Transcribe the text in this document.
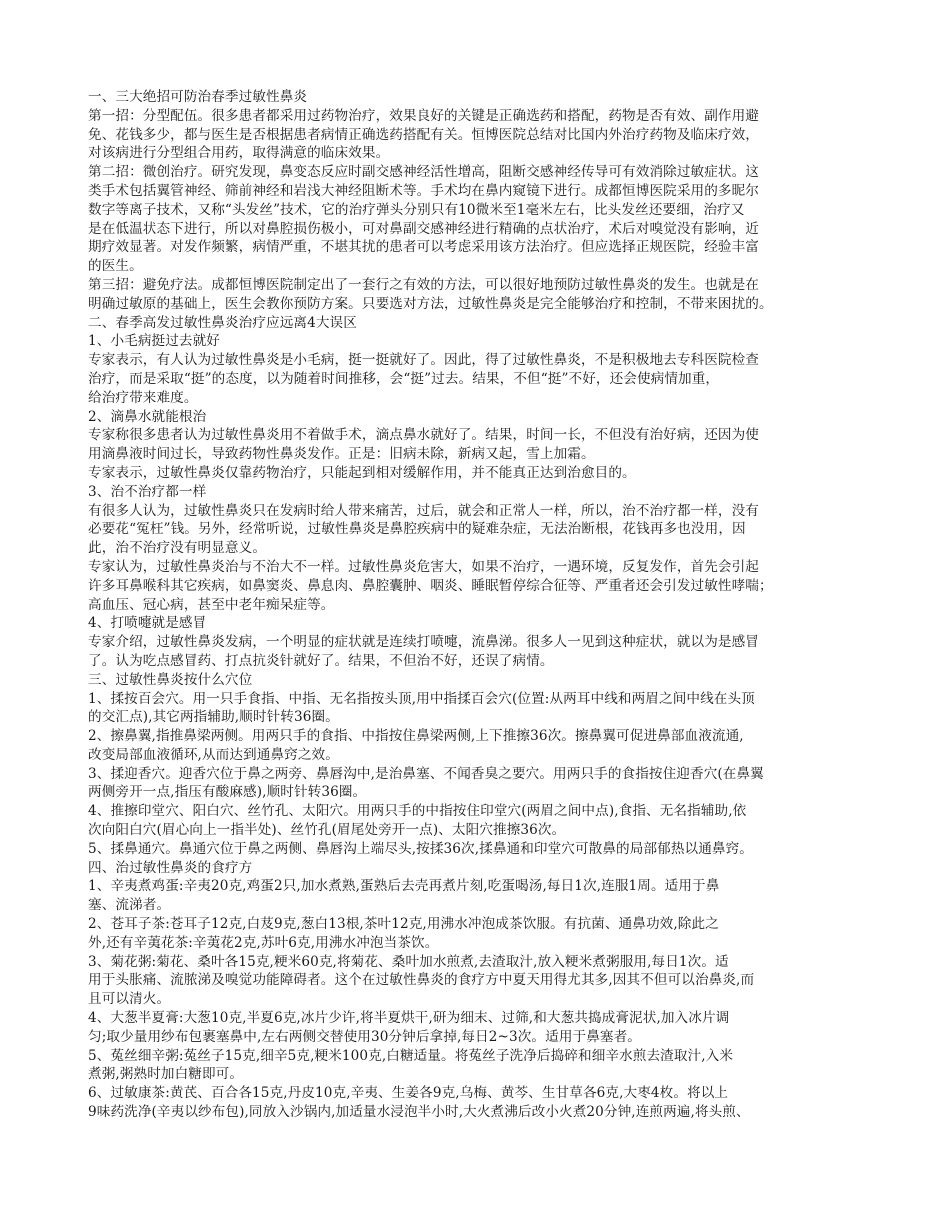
一、三大绝招可防治春季过敏性鼻炎
第一招：分型配伍。很多患者都采用过药物治疗，效果良好的关键是正确选药和搭配，药物是否有效、副作用避
免、花钱多少，都与医生是否根据患者病情正确选药搭配有关。恒博医院总结对比国内外治疗药物及临床疗效，
对该病进行分型组合用药，取得满意的临床效果。
第二招：微创治疗。研究发现，鼻变态反应时副交感神经活性增高，阻断交感神经传导可有效消除过敏症状。这
类手术包括翼管神经、筛前神经和岩浅大神经阻断术等。手术均在鼻内窥镜下进行。成都恒博医院采用的多昵尔
数字等离子技术，又称“头发丝”技术，它的治疗弹头分别只有10微米至1毫米左右，比头发丝还要细，治疗又
是在低温状态下进行，所以对鼻腔损伤极小，可对鼻副交感神经进行精确的点状治疗，术后对嗅觉没有影响，近
期疗效显著。对发作频繁，病情严重，不堪其扰的患者可以考虑采用该方法治疗。但应选择正规医院，经验丰富
的医生。
第三招：避免疗法。成都恒博医院制定出了一套行之有效的方法，可以很好地预防过敏性鼻炎的发生。也就是在
明确过敏原的基础上，医生会教你预防方案。只要选对方法，过敏性鼻炎是完全能够治疗和控制，不带来困扰的。
二、春季高发过敏性鼻炎治疗应远离4大误区
1、小毛病挺过去就好
专家表示，有人认为过敏性鼻炎是小毛病，挺一挺就好了。因此，得了过敏性鼻炎，不是积极地去专科医院检查
治疗，而是采取“挺”的态度，以为随着时间推移，会“挺”过去。结果，不但“挺”不好，还会使病情加重，
给治疗带来难度。
2、滴鼻水就能根治
专家称很多患者认为过敏性鼻炎用不着做手术，滴点鼻水就好了。结果，时间一长，不但没有治好病，还因为使
用滴鼻液时间过长，导致药物性鼻炎发作。正是：旧病未除，新病又起，雪上加霜。
专家表示，过敏性鼻炎仅靠药物治疗，只能起到相对缓解作用，并不能真正达到治愈目的。
3、治不治疗都一样
有很多人认为，过敏性鼻炎只在发病时给人带来痛苦，过后，就会和正常人一样，所以，治不治疗都一样，没有
必要花“冤枉”钱。另外，经常听说，过敏性鼻炎是鼻腔疾病中的疑难杂症，无法治断根，花钱再多也没用，因
此，治不治疗没有明显意义。
专家认为，过敏性鼻炎治与不治大不一样。过敏性鼻炎危害大，如果不治疗，一遇环境，反复发作，首先会引起
许多耳鼻喉科其它疾病，如鼻窦炎、鼻息肉、鼻腔囊肿、咽炎、睡眠暂停综合征等、严重者还会引发过敏性哮喘；
高血压、冠心病，甚至中老年痴呆症等。
4、打喷嚏就是感冒
专家介绍，过敏性鼻炎发病，一个明显的症状就是连续打喷嚏，流鼻涕。很多人一见到这种症状，就以为是感冒
了。认为吃点感冒药、打点抗炎针就好了。结果，不但治不好，还误了病情。
三、过敏性鼻炎按什么穴位
1、揉按百会穴。用一只手食指、中指、无名指按头顶,用中指揉百会穴(位置:从两耳中线和两眉之间中线在头顶
的交汇点),其它两指辅助,顺时针转36圈。
2、擦鼻翼,指推鼻梁两侧。用两只手的食指、中指按住鼻梁两侧,上下推擦36次。擦鼻翼可促进鼻部血液流通,
改变局部血液循环,从而达到通鼻窍之效。
3、揉迎香穴。迎香穴位于鼻之两旁、鼻唇沟中,是治鼻塞、不闻香臭之要穴。用两只手的食指按住迎香穴(在鼻翼
两侧旁开一点,指压有酸麻感),顺时针转36圈。
4、推擦印堂穴、阳白穴、丝竹孔、太阳穴。用两只手的中指按住印堂穴(两眉之间中点),食指、无名指辅助,依
次向阳白穴(眉心向上一指半处)、丝竹孔(眉尾处旁开一点)、太阳穴推擦36次。
5、揉鼻通穴。鼻通穴位于鼻之两侧、鼻唇沟上端尽头,按揉36次,揉鼻通和印堂穴可散鼻的局部郁热以通鼻窍。
四、治过敏性鼻炎的食疗方
1、辛夷煮鸡蛋:辛夷20克,鸡蛋2只,加水煮熟,蛋熟后去壳再煮片刻,吃蛋喝汤,每日1次,连服1周。适用于鼻
塞、流涕者。
2、苍耳子茶:苍耳子12克,白芨9克,葱白13根,茶叶12克,用沸水冲泡成茶饮服。有抗菌、通鼻功效,除此之
外,还有辛荑花茶:辛荑花2克,苏叶6克,用沸水冲泡当茶饮。
3、菊花粥:菊花、桑叶各15克,粳米60克,将菊花、桑叶加水煎煮,去渣取汁,放入粳米煮粥服用,每日1次。适
用于头胀痛、流脓涕及嗅觉功能障碍者。这个在过敏性鼻炎的食疗方中夏天用得尤其多,因其不但可以治鼻炎,而
且可以清火。
4、大葱半夏膏:大葱10克,半夏6克,冰片少许,将半夏烘干,研为细末、过筛,和大葱共捣成膏泥状,加入冰片调
匀;取少量用纱布包裹塞鼻中,左右两侧交替使用30分钟后拿掉,每日2~3次。适用于鼻塞者。
5、菟丝细辛粥:菟丝子15克,细辛5克,粳米100克,白糖适量。将菟丝子洗净后捣碎和细辛水煎去渣取汁,入米
煮粥,粥熟时加白糖即可。
6、过敏康茶:黄芪、百合各15克,丹皮10克,辛夷、生姜各9克,乌梅、黄芩、生甘草各6克,大枣4枚。将以上
9味药洗净(辛夷以纱布包),同放入沙锅内,加适量水浸泡半小时,大火煮沸后改小火煮20分钟,连煎两遍,将头煎、
